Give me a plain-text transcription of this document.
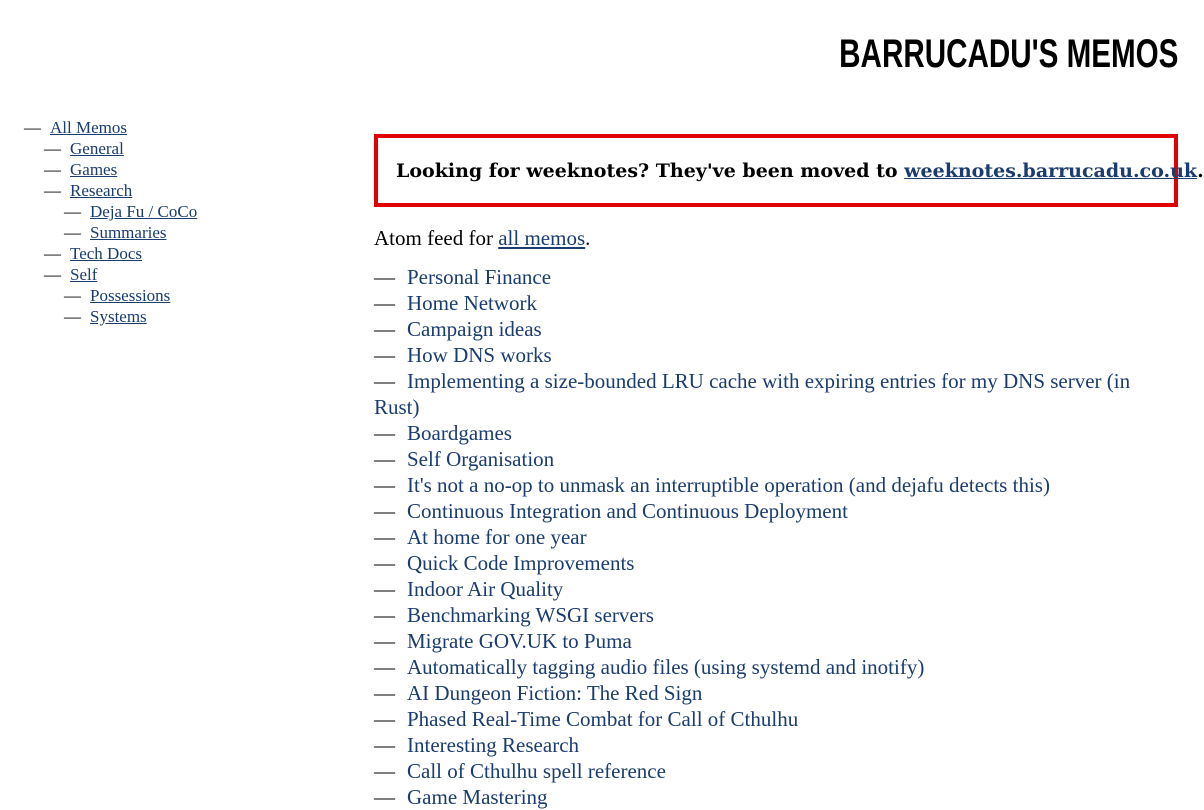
BARRUCADU'S MEMOS
— All Memos
— General
— Games
— Research
— Deja Fu / CoCo
— Summaries
— Tech Docs
— Self
— Possessions
— Systems
Looking for weeknotes? They've been moved to weeknotes.barrucadu.co.uk.
Atom feed for all memos.
— Personal Finance
— Home Network
— Campaign ideas
— How DNS works
— Implementing a size-bounded LRU cache with expiring entries for my DNS server (in Rust)
— Boardgames
— Self Organisation
— It's not a no-op to unmask an interruptible operation (and dejafu detects this)
— Continuous Integration and Continuous Deployment
— At home for one year
— Quick Code Improvements
— Indoor Air Quality
— Benchmarking WSGI servers
— Migrate GOV.UK to Puma
— Automatically tagging audio files (using systemd and inotify)
— AI Dungeon Fiction: The Red Sign
— Phased Real-Time Combat for Call of Cthulhu
— Interesting Research
— Call of Cthulhu spell reference
— Game Mastering
